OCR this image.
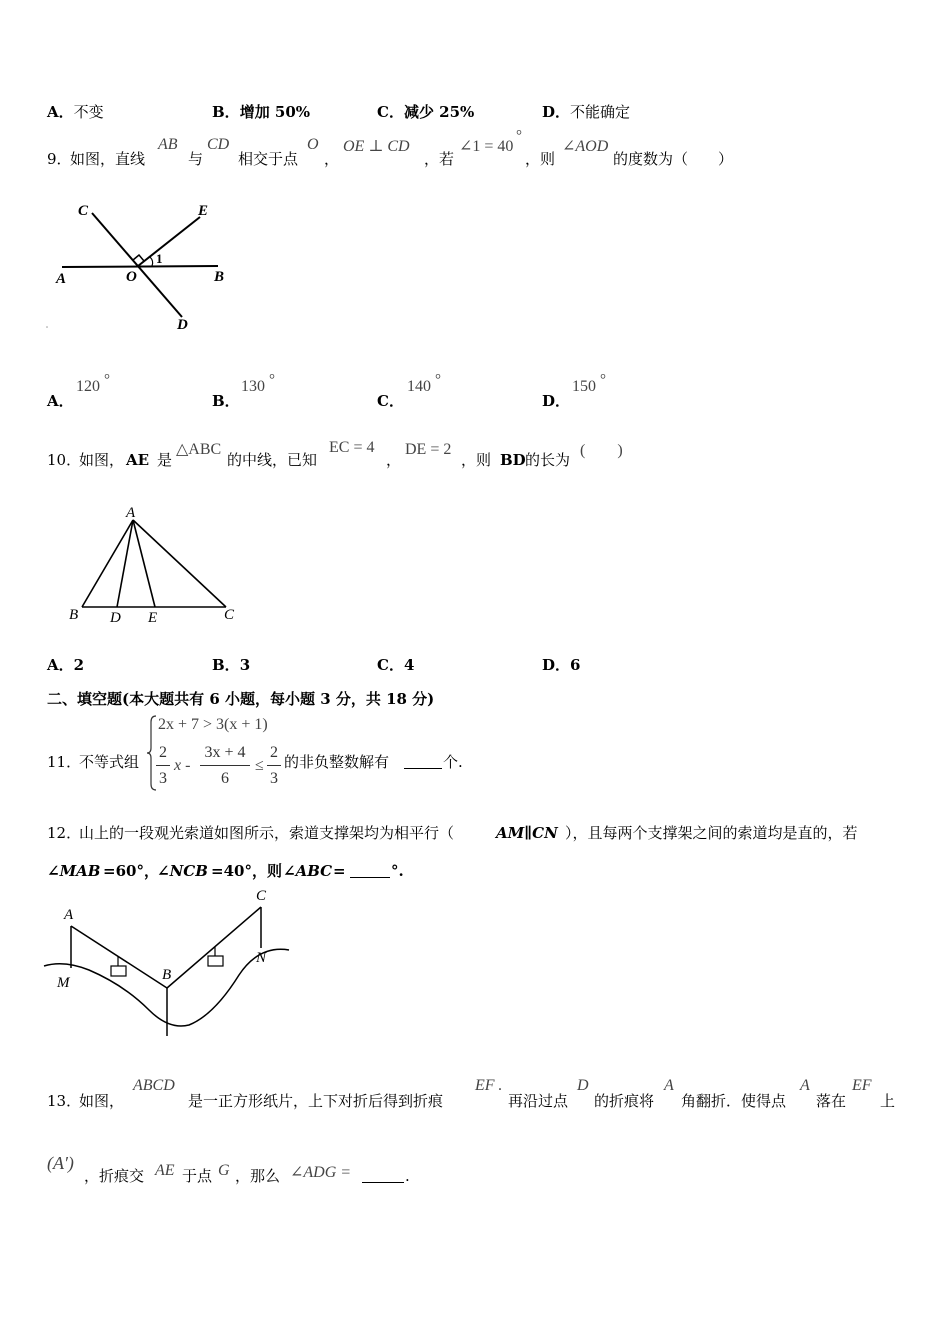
A．不变	B．增加 50%	C．减少 25%	D．不能确定
9．
如图，直线
AB
与
CD
相交于点
O
，
OE ⊥ CD
，若
∠1 = 40
°
，则
∠AOD
的度数为（　　）
C	E
A	O	B
D
1
A．
120 °
B．
130 °
C．
140 °
D．
150 °
10．
如图， AE 是
△ABC
的中线，已知
EC = 4
，
DE = 2
，则 BD 的长为
(　　)
A
B D E	C
A．2	B．3	C．4	D．6
二、填空题(本大题共有 6 小题，每小题 3 分，共 18 分)
11．
不等式组
2x + 7 > 3(x + 1)
2
3
x -
3x + 4
6
≤
2
3
的非负整数解有	个.
12．
山上的一段观光索道如图所示，索道支撑架均为相平行（	AM∥CN ），且每两个支撑架之间的索道均是直的，若
∠MAB =60°，
∠NCB =40°，则 ∠ABC =	°.
A
M	B
C
N
13．
如图，
ABCD
是一正方形纸片，上下对折后得到折痕
EF .
再沿过点
D
的折痕将
A
角翻折．使得点
A
落在
EF
上
(A′)
，折痕交 AE 于点 G ，那么 ∠ADG =	.
